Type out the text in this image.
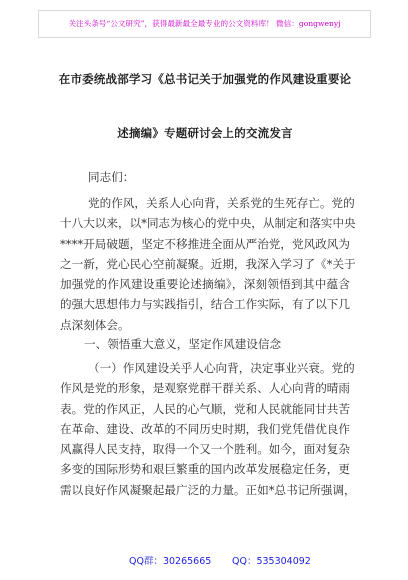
关注头条号“公文研究”，获得最新最全最专业的公文资料库！ 微信：gongwenyj
在市委统战部学习《总书记关于加强党的作风建设重要论
述摘编》专题研讨会上的交流发言
同志们：
党的作风，关系人心向背，关系党的生死存亡。党的
十八大以来，以*同志为核心的党中央，从制定和落实中央
****开局破题，坚定不移推进全面从严治党，党风政风为
之一新，党心民心空前凝聚。近期，我深入学习了《*关于
加强党的作风建设重要论述摘编》，深刻领悟到其中蕴含
的强大思想伟力与实践指引，结合工作实际，有了以下几
点深刻体会。
一、领悟重大意义，坚定作风建设信念
（一）作风建设关乎人心向背，决定事业兴衰。党的
作风是党的形象，是观察党群干群关系、人心向背的晴雨
表。党的作风正，人民的心气顺，党和人民就能同甘共苦
在革命、建设、改革的不同历史时期，我们党凭借优良作
风赢得人民支持，取得一个又一个胜利。如今，面对复杂
多变的国际形势和艰巨繁重的国内改革发展稳定任务，更
需以良好作风凝聚起最广泛的力量。正如*总书记所强调，
QQ群：30265665 QQ：535304092
